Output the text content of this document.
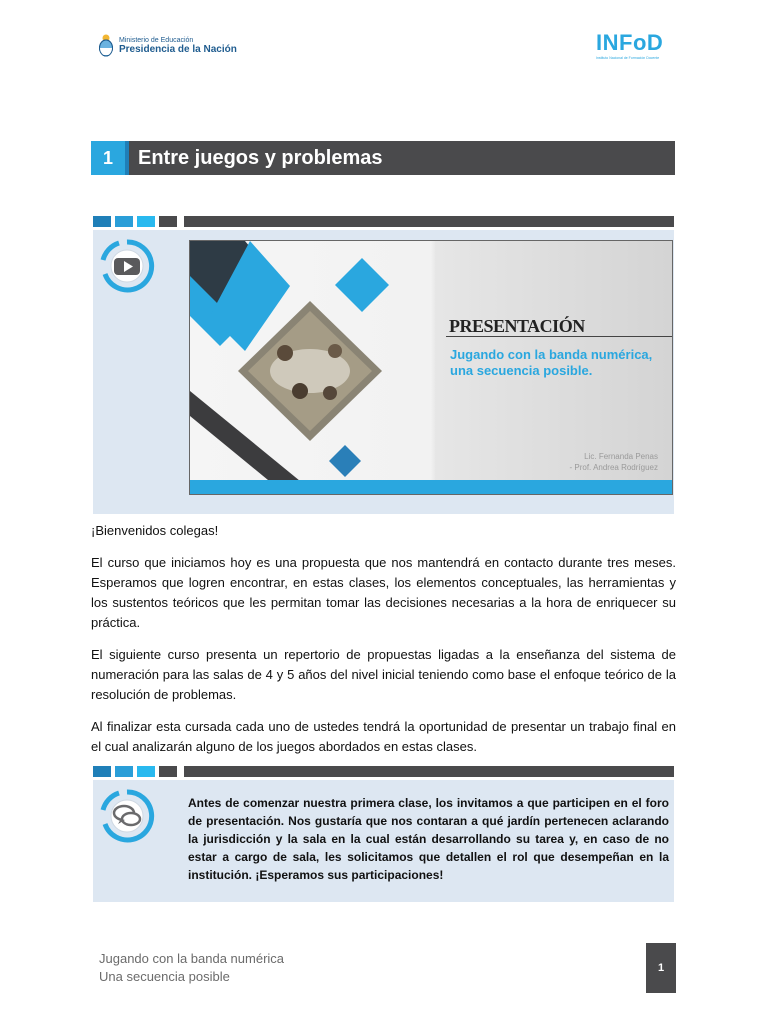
Ministerio de Educación
Presidencia de la Nación	INFoD
Instituto Nacional de Formación Docente
1	Entre juegos y problemas
PRESENTACIÓN
Jugando con la banda numérica,
una secuencia posible.
Lic. Fernanda Penas
- Prof. Andrea Rodríguez
¡Bienvenidos colegas!
El curso que iniciamos hoy es una propuesta que nos mantendrá en contacto durante tres meses. Esperamos que logren encontrar, en estas clases, los elementos conceptuales, las herramientas y los sustentos teóricos que les permitan tomar las decisiones necesarias a la hora de enriquecer su práctica.
El siguiente curso presenta un repertorio de propuestas ligadas a la enseñanza del sistema de numeración para las salas de 4 y 5 años del nivel inicial teniendo como base el enfoque teórico de la resolución de problemas.
Al finalizar esta cursada cada uno de ustedes tendrá la oportunidad de presentar un trabajo final en el cual analizarán alguno de los juegos abordados en estas clases.
Antes de comenzar nuestra primera clase, los invitamos a que participen en el foro de presentación. Nos gustaría que nos contaran a qué jardín pertenecen aclarando la jurisdicción y la sala en la cual están desarrollando su tarea y, en caso de no estar a cargo de sala, les solicitamos que detallen el rol que desempeñan en la institución. ¡Esperamos sus participaciones!
Jugando con la banda numérica
Una secuencia posible
1
